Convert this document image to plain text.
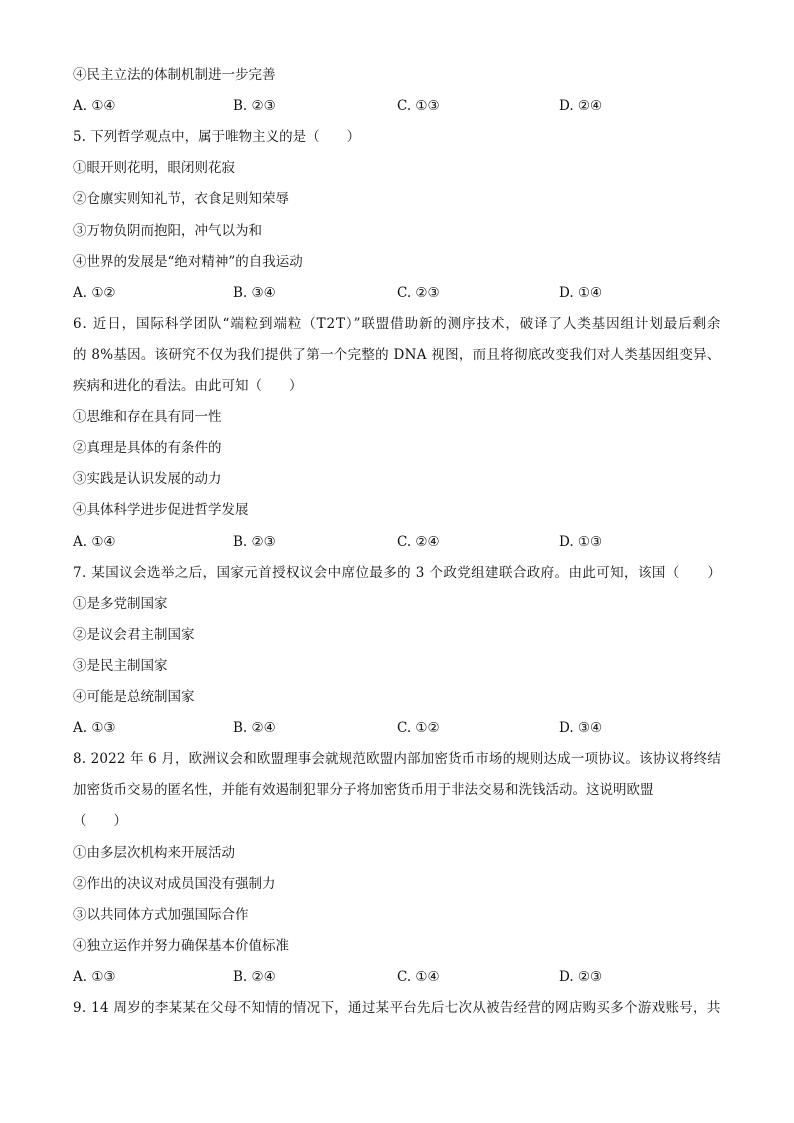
④民主立法的体制机制进一步完善
A. ①④	B. ②③	C. ①③	D. ②④
5. 下列哲学观点中，属于唯物主义的是（　　）
①眼开则花明，眼闭则花寂
②仓廪实则知礼节，衣食足则知荣辱
③万物负阴而抱阳，冲气以为和
④世界的发展是“绝对精神”的自我运动
A. ①②	B. ③④	C. ②③	D. ①④
6. 近日，国际科学团队“端粒到端粒（T2T）”联盟借助新的测序技术，破译了人类基因组计划最后剩余
的 8%基因。该研究不仅为我们提供了第一个完整的 DNA 视图，而且将彻底改变我们对人类基因组变异、
疾病和进化的看法。由此可知（　　）
①思维和存在具有同一性
②真理是具体的有条件的
③实践是认识发展的动力
④具体科学进步促进哲学发展
A. ①④	B. ②③	C. ②④	D. ①③
7. 某国议会选举之后，国家元首授权议会中席位最多的 3 个政党组建联合政府。由此可知，该国（　　）
①是多党制国家
②是议会君主制国家
③是民主制国家
④可能是总统制国家
A. ①③	B. ②④	C. ①②	D. ③④
8. 2022 年 6 月，欧洲议会和欧盟理事会就规范欧盟内部加密货币市场的规则达成一项协议。该协议将终结
加密货币交易的匿名性，并能有效遏制犯罪分子将加密货币用于非法交易和洗钱活动。这说明欧盟
（　　）
①由多层次机构来开展活动
②作出的决议对成员国没有强制力
③以共同体方式加强国际合作
④独立运作并努力确保基本价值标准
A. ①③	B. ②④	C. ①④	D. ②③
9. 14 周岁的李某某在父母不知情的情况下，通过某平台先后七次从被告经营的网店购买多个游戏账号，共
